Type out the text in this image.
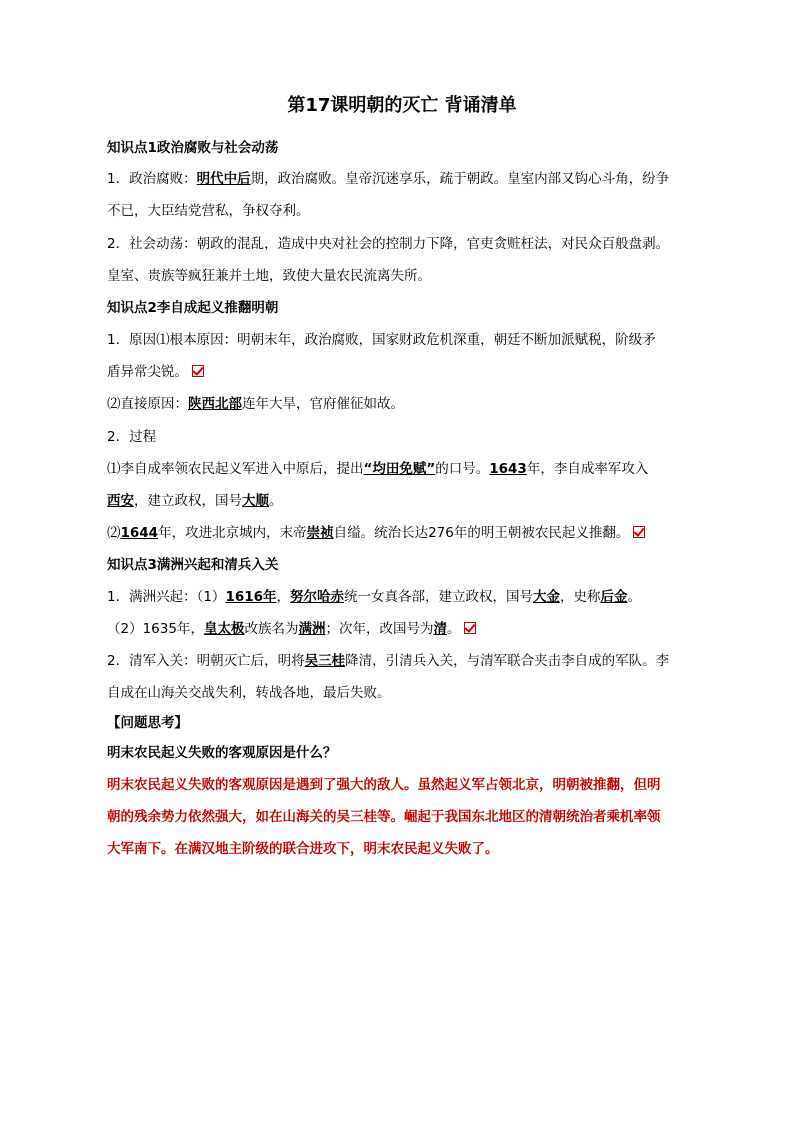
第17课明朝的灭亡 背诵清单
知识点1政治腐败与社会动荡
1．政治腐败：明代中后期，政治腐败。皇帝沉迷享乐，疏于朝政。皇室内部又钩心斗角，纷争
不已，大臣结党营私，争权夺利。
2．社会动荡：朝政的混乱，造成中央对社会的控制力下降，官吏贪赃枉法，对民众百般盘剥。
皇室、贵族等疯狂兼并土地，致使大量农民流离失所。
知识点2李自成起义推翻明朝
1．原因⑴根本原因：明朝末年，政治腐败，国家财政危机深重，朝廷不断加派赋税，阶级矛
盾异常尖锐。
⑵直接原因：陕西北部连年大旱，官府催征如故。
2．过程
⑴李自成率领农民起义军进入中原后，提出“均田免赋”的口号。1643年，李自成率军攻入
西安，建立政权，国号大顺。
⑵1644年，攻进北京城内，末帝崇祯自缢。统治长达276年的明王朝被农民起义推翻。
知识点3满洲兴起和清兵入关
1．满洲兴起：（1）1616年，努尔哈赤统一女真各部，建立政权，国号大金，史称后金。
（2）1635年，皇太极改族名为满洲；次年，改国号为清。
2．清军入关：明朝灭亡后，明将吴三桂降清，引清兵入关，与清军联合夹击李自成的军队。李
自成在山海关交战失利，转战各地，最后失败。
【问题思考】
明末农民起义失败的客观原因是什么？
明末农民起义失败的客观原因是遇到了强大的敌人。虽然起义军占领北京，明朝被推翻，但明
朝的残余势力依然强大，如在山海关的吴三桂等。崛起于我国东北地区的清朝统治者乘机率领
大军南下。在满汉地主阶级的联合进攻下，明末农民起义失败了。
